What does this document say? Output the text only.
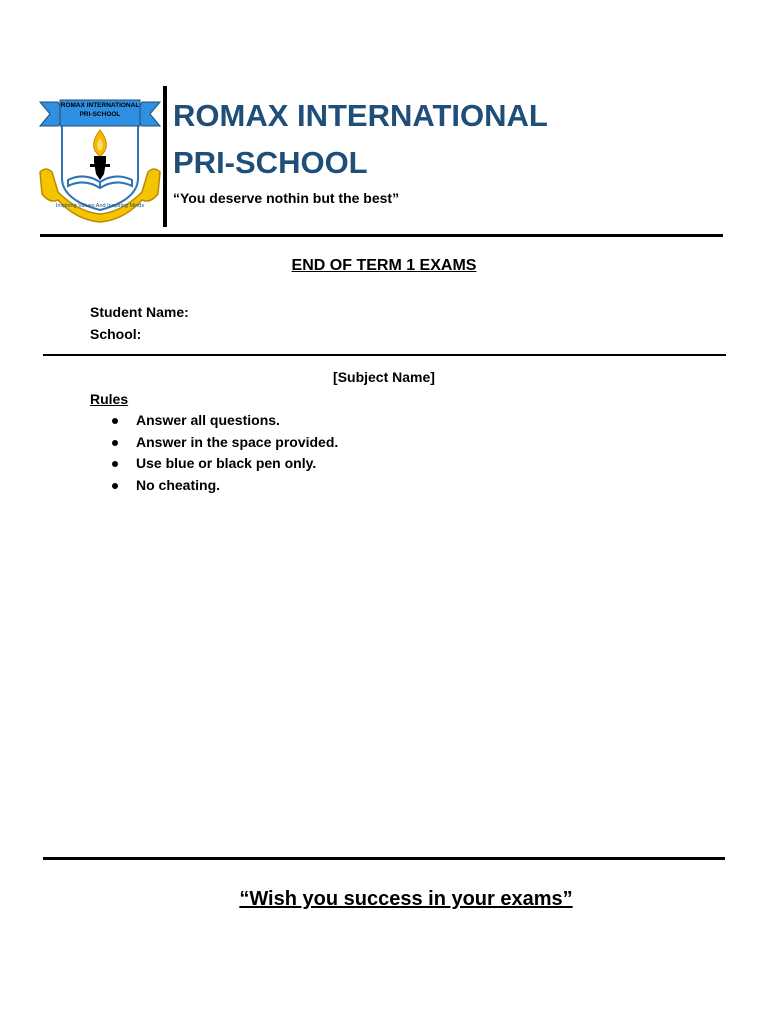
ROMAX INTERNATIONAL
PRI-SCHOOL
Inspiring Values And Inspiring Minds
ROMAX INTERNATIONAL
PRI-SCHOOL
“You deserve nothin but the best”
END OF TERM 1 EXAMS
Student Name:
School:
[Subject Name]
Rules
Answer all questions.
Answer in the space provided.
Use blue or black pen only.
No cheating.
“Wish you success in your exams”
